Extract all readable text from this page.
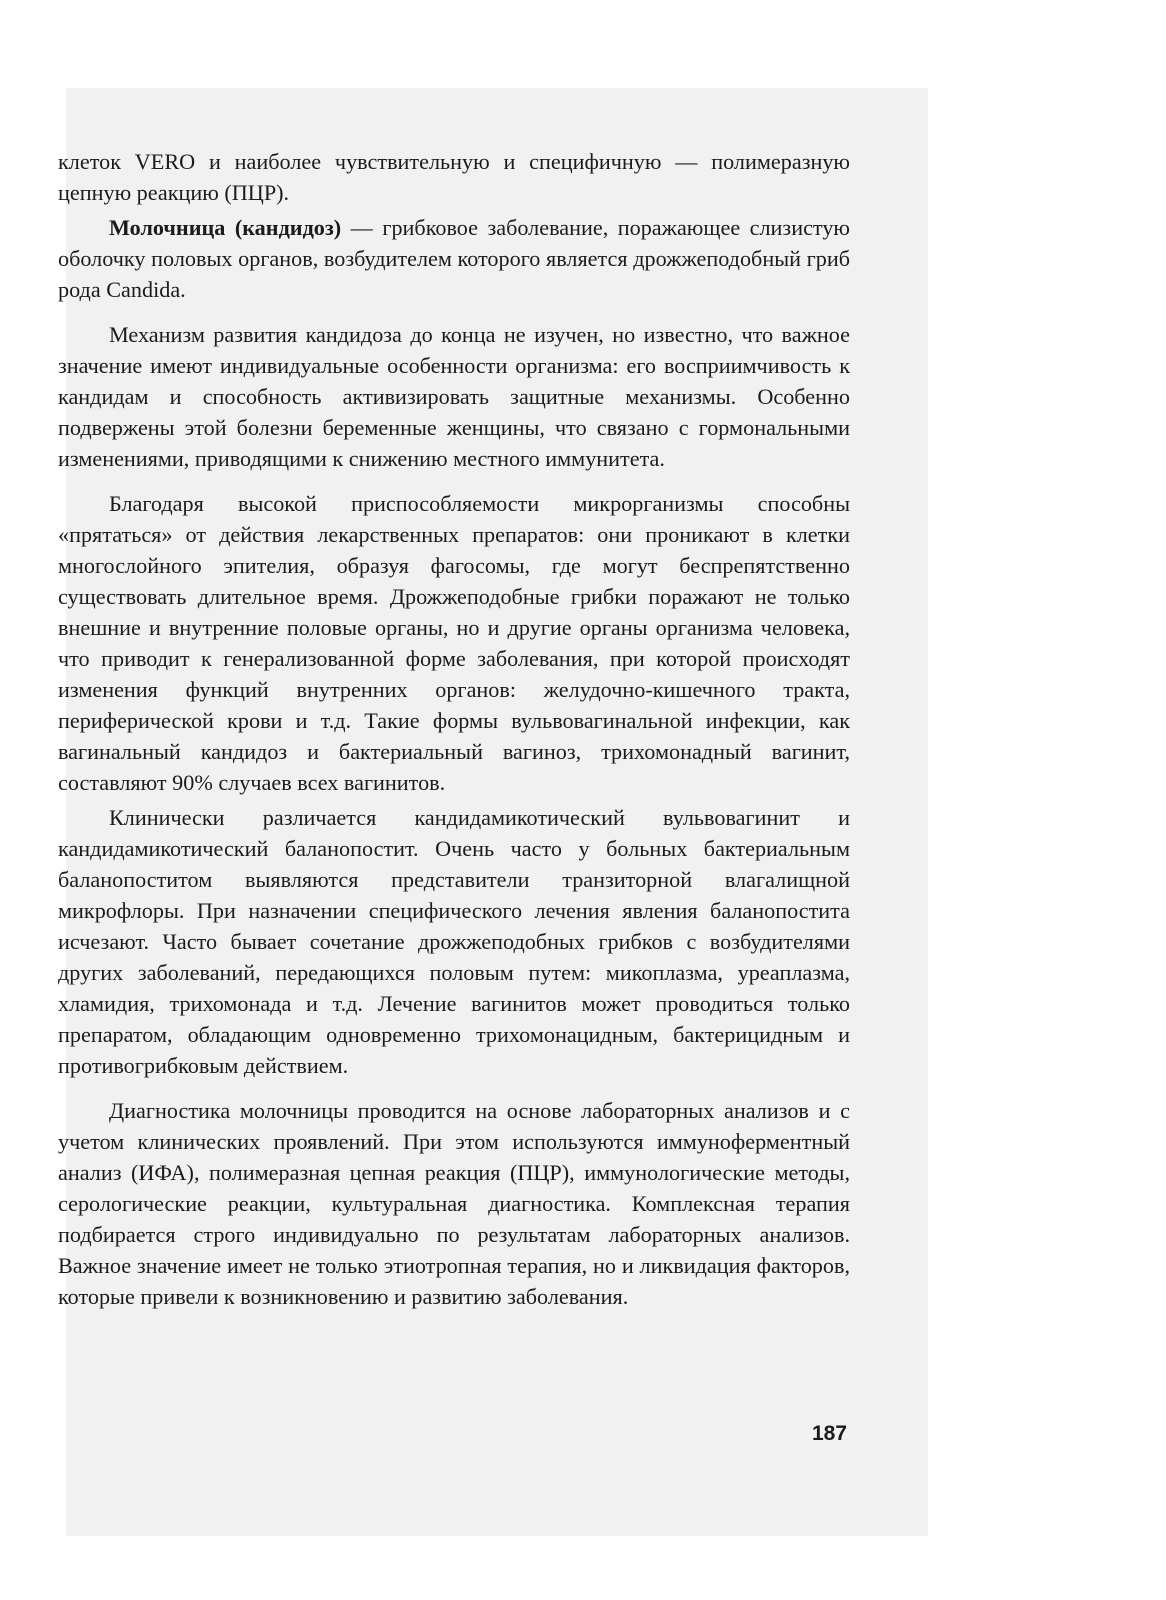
клеток VERO и наиболее чувствительную и специфичную — полимеразную цепную реакцию (ПЦР).

Молочница (кандидоз) — грибковое заболевание, поражающее слизистую оболочку половых органов, возбудителем которого является дрожжеподобный гриб рода Candida.

Механизм развития кандидоза до конца не изучен, но известно, что важное значение имеют индивидуальные особенности организма: его восприимчивость к кандидам и способность активизировать защитные механизмы. Особенно подвержены этой болезни беременные женщины, что связано с гормональными изменениями, приводящими к снижению местного иммунитета.

Благодаря высокой приспособляемости микрорганизмы способны «прятаться» от действия лекарственных препаратов: они проникают в клетки многослойного эпителия, образуя фагосомы, где могут беспрепятственно существовать длительное время. Дрожжеподобные грибки поражают не только внешние и внутренние половые органы, но и другие органы организма человека, что приводит к генерализованной форме заболевания, при которой происходят изменения функций внутренних органов: желудочно-кишечного тракта, периферической крови и т.д. Такие формы вульвовагинальной инфекции, как вагинальный кандидоз и бактериальный вагиноз, трихомонадный вагинит, составляют 90% случаев всех вагинитов.

Клинически различается кандидамикотический вульвовагинит и кандидамикотический баланопостит. Очень часто у больных бактериальным баланопоститом выявляются представители транзиторной влагалищной микрофлоры. При назначении специфического лечения явления баланопостита исчезают. Часто бывает сочетание дрожжеподобных грибков с возбудителями других заболеваний, передающихся половым путем: микоплазма, уреаплазма, хламидия, трихомонада и т.д. Лечение вагинитов может проводиться только препаратом, обладающим одновременно трихомонацидным, бактерицидным и противогрибковым действием.

Диагностика молочницы проводится на основе лабораторных анализов и с учетом клинических проявлений. При этом используются иммуноферментный анализ (ИФА), полимеразная цепная реакция (ПЦР), иммунологические методы, серологические реакции, культуральная диагностика. Комплексная терапия подбирается строго индивидуально по результатам лабораторных анализов. Важное значение имеет не только этиотропная терапия, но и ликвидация факторов, которые привели к возникновению и развитию заболевания.

187
